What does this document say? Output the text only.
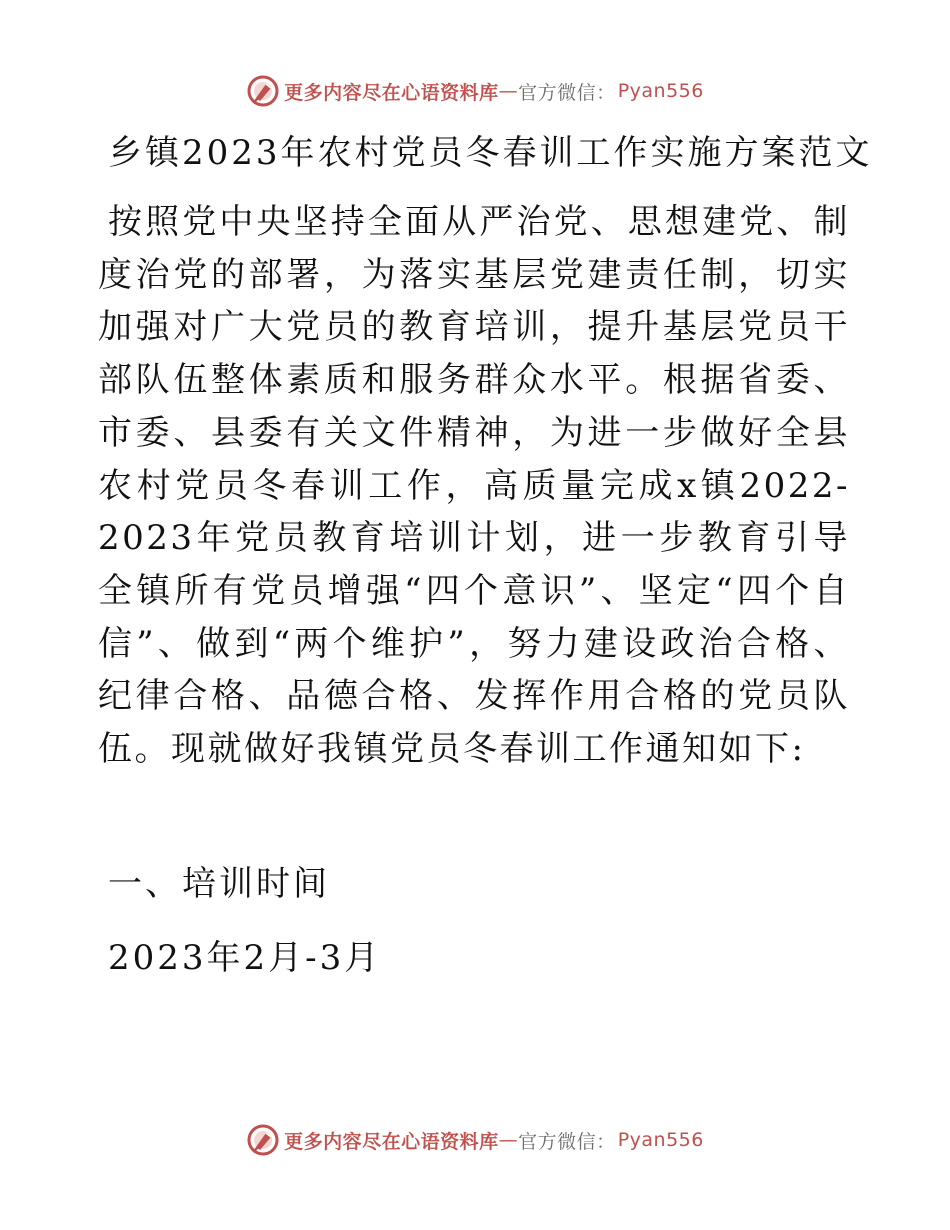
更多内容尽在心语资料库 — 官方微信： Pyan556
乡镇2023年农村党员冬春训工作实施方案范文

按照党中央坚持全面从严治党、思想建党、制度治党的部署，为落实基层党建责任制，切实加强对广大党员的教育培训，提升基层党员干部队伍整体素质和服务群众水平。根据省委、市委、县委有关文件精神，为进一步做好全县农村党员冬春训工作，高质量完成x镇2022-2023年党员教育培训计划，进一步教育引导全镇所有党员增强“四个意识”、坚定“四个自信”、做到“两个维护”，努力建设政治合格、纪律合格、品德合格、发挥作用合格的党员队伍。现就做好我镇党员冬春训工作通知如下:

一、培训时间

2023年2月-3月

更多内容尽在心语资料库 — 官方微信： Pyan556
